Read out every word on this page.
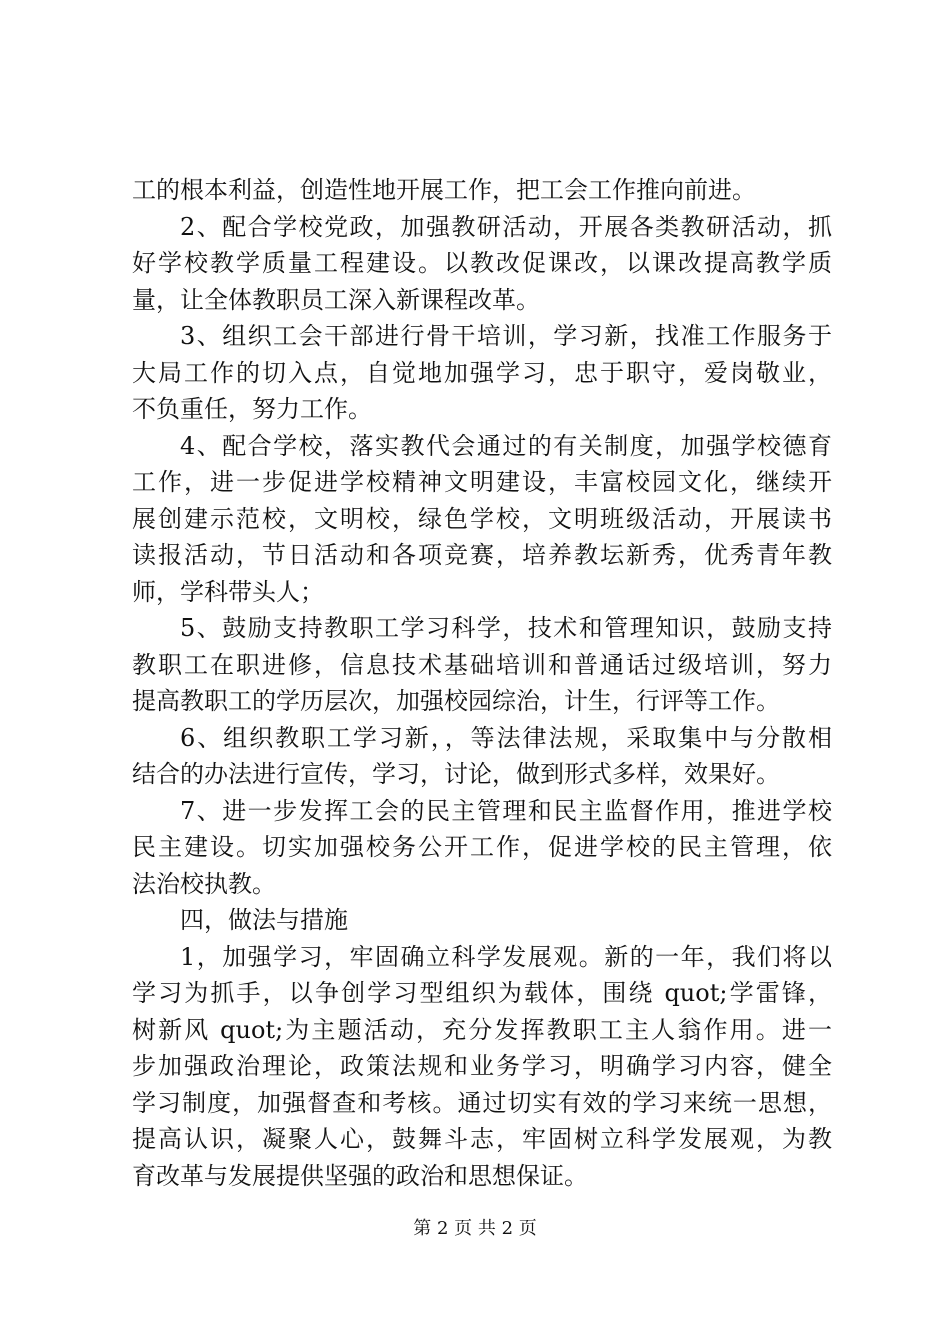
工的根本利益，创造性地开展工作，把工会工作推向前进。
2、配合学校党政，加强教研活动，开展各类教研活动，抓
好学校教学质量工程建设。以教改促课改，以课改提高教学质
量，让全体教职员工深入新课程改革。
3、组织工会干部进行骨干培训，学习新，找准工作服务于
大局工作的切入点，自觉地加强学习，忠于职守，爱岗敬业，
不负重任，努力工作。
4、配合学校，落实教代会通过的有关制度，加强学校德育
工作，进一步促进学校精神文明建设，丰富校园文化，继续开
展创建示范校，文明校，绿色学校，文明班级活动，开展读书
读报活动，节日活动和各项竞赛，培养教坛新秀，优秀青年教
师，学科带头人；
5、鼓励支持教职工学习科学，技术和管理知识，鼓励支持
教职工在职进修，信息技术基础培训和普通话过级培训，努力
提高教职工的学历层次，加强校园综治，计生，行评等工作。
6、组织教职工学习新，，等法律法规，采取集中与分散相
结合的办法进行宣传，学习，讨论，做到形式多样，效果好。
7、进一步发挥工会的民主管理和民主监督作用，推进学校
民主建设。切实加强校务公开工作，促进学校的民主管理，依
法治校执教。
四，做法与措施
1，加强学习，牢固确立科学发展观。新的一年，我们将以
学习为抓手，以争创学习型组织为载体，围绕 quot;学雷锋，
树新风 quot;为主题活动，充分发挥教职工主人翁作用。进一
步加强政治理论，政策法规和业务学习，明确学习内容，健全
学习制度，加强督查和考核。通过切实有效的学习来统一思想，
提高认识，凝聚人心，鼓舞斗志，牢固树立科学发展观，为教
育改革与发展提供坚强的政治和思想保证。
第 2 页 共 2 页
